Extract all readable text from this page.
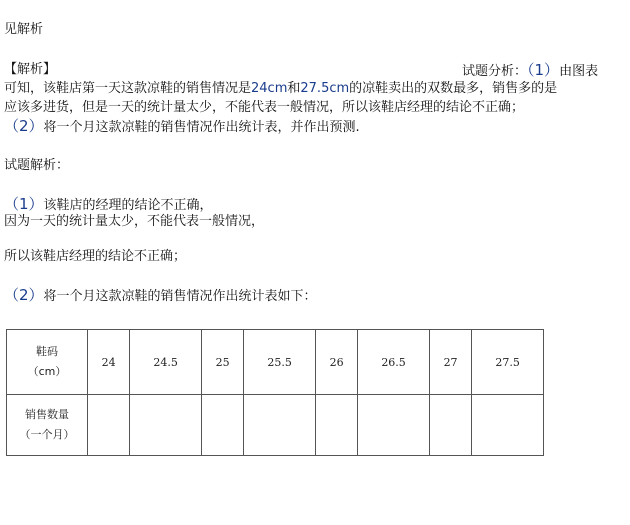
见解析
【解析】	试题分析：（1）由图表
可知，该鞋店第一天这款凉鞋的销售情况是24cm和27.5cm的凉鞋卖出的双数最多，销售多的是
应该多进货，但是一天的统计量太少，不能代表一般情况，所以该鞋店经理的结论不正确；
（2）将一个月这款凉鞋的销售情况作出统计表，并作出预测.
试题解析：
（1）该鞋店的经理的结论不正确，
因为一天的统计量太少，不能代表一般情况，
所以该鞋店经理的结论不正确；
（2）将一个月这款凉鞋的销售情况作出统计表如下：
鞋码
（cm）	24	24.5	25	25.5	26	26.5	27	27.5

销售数量
（一个月）								
